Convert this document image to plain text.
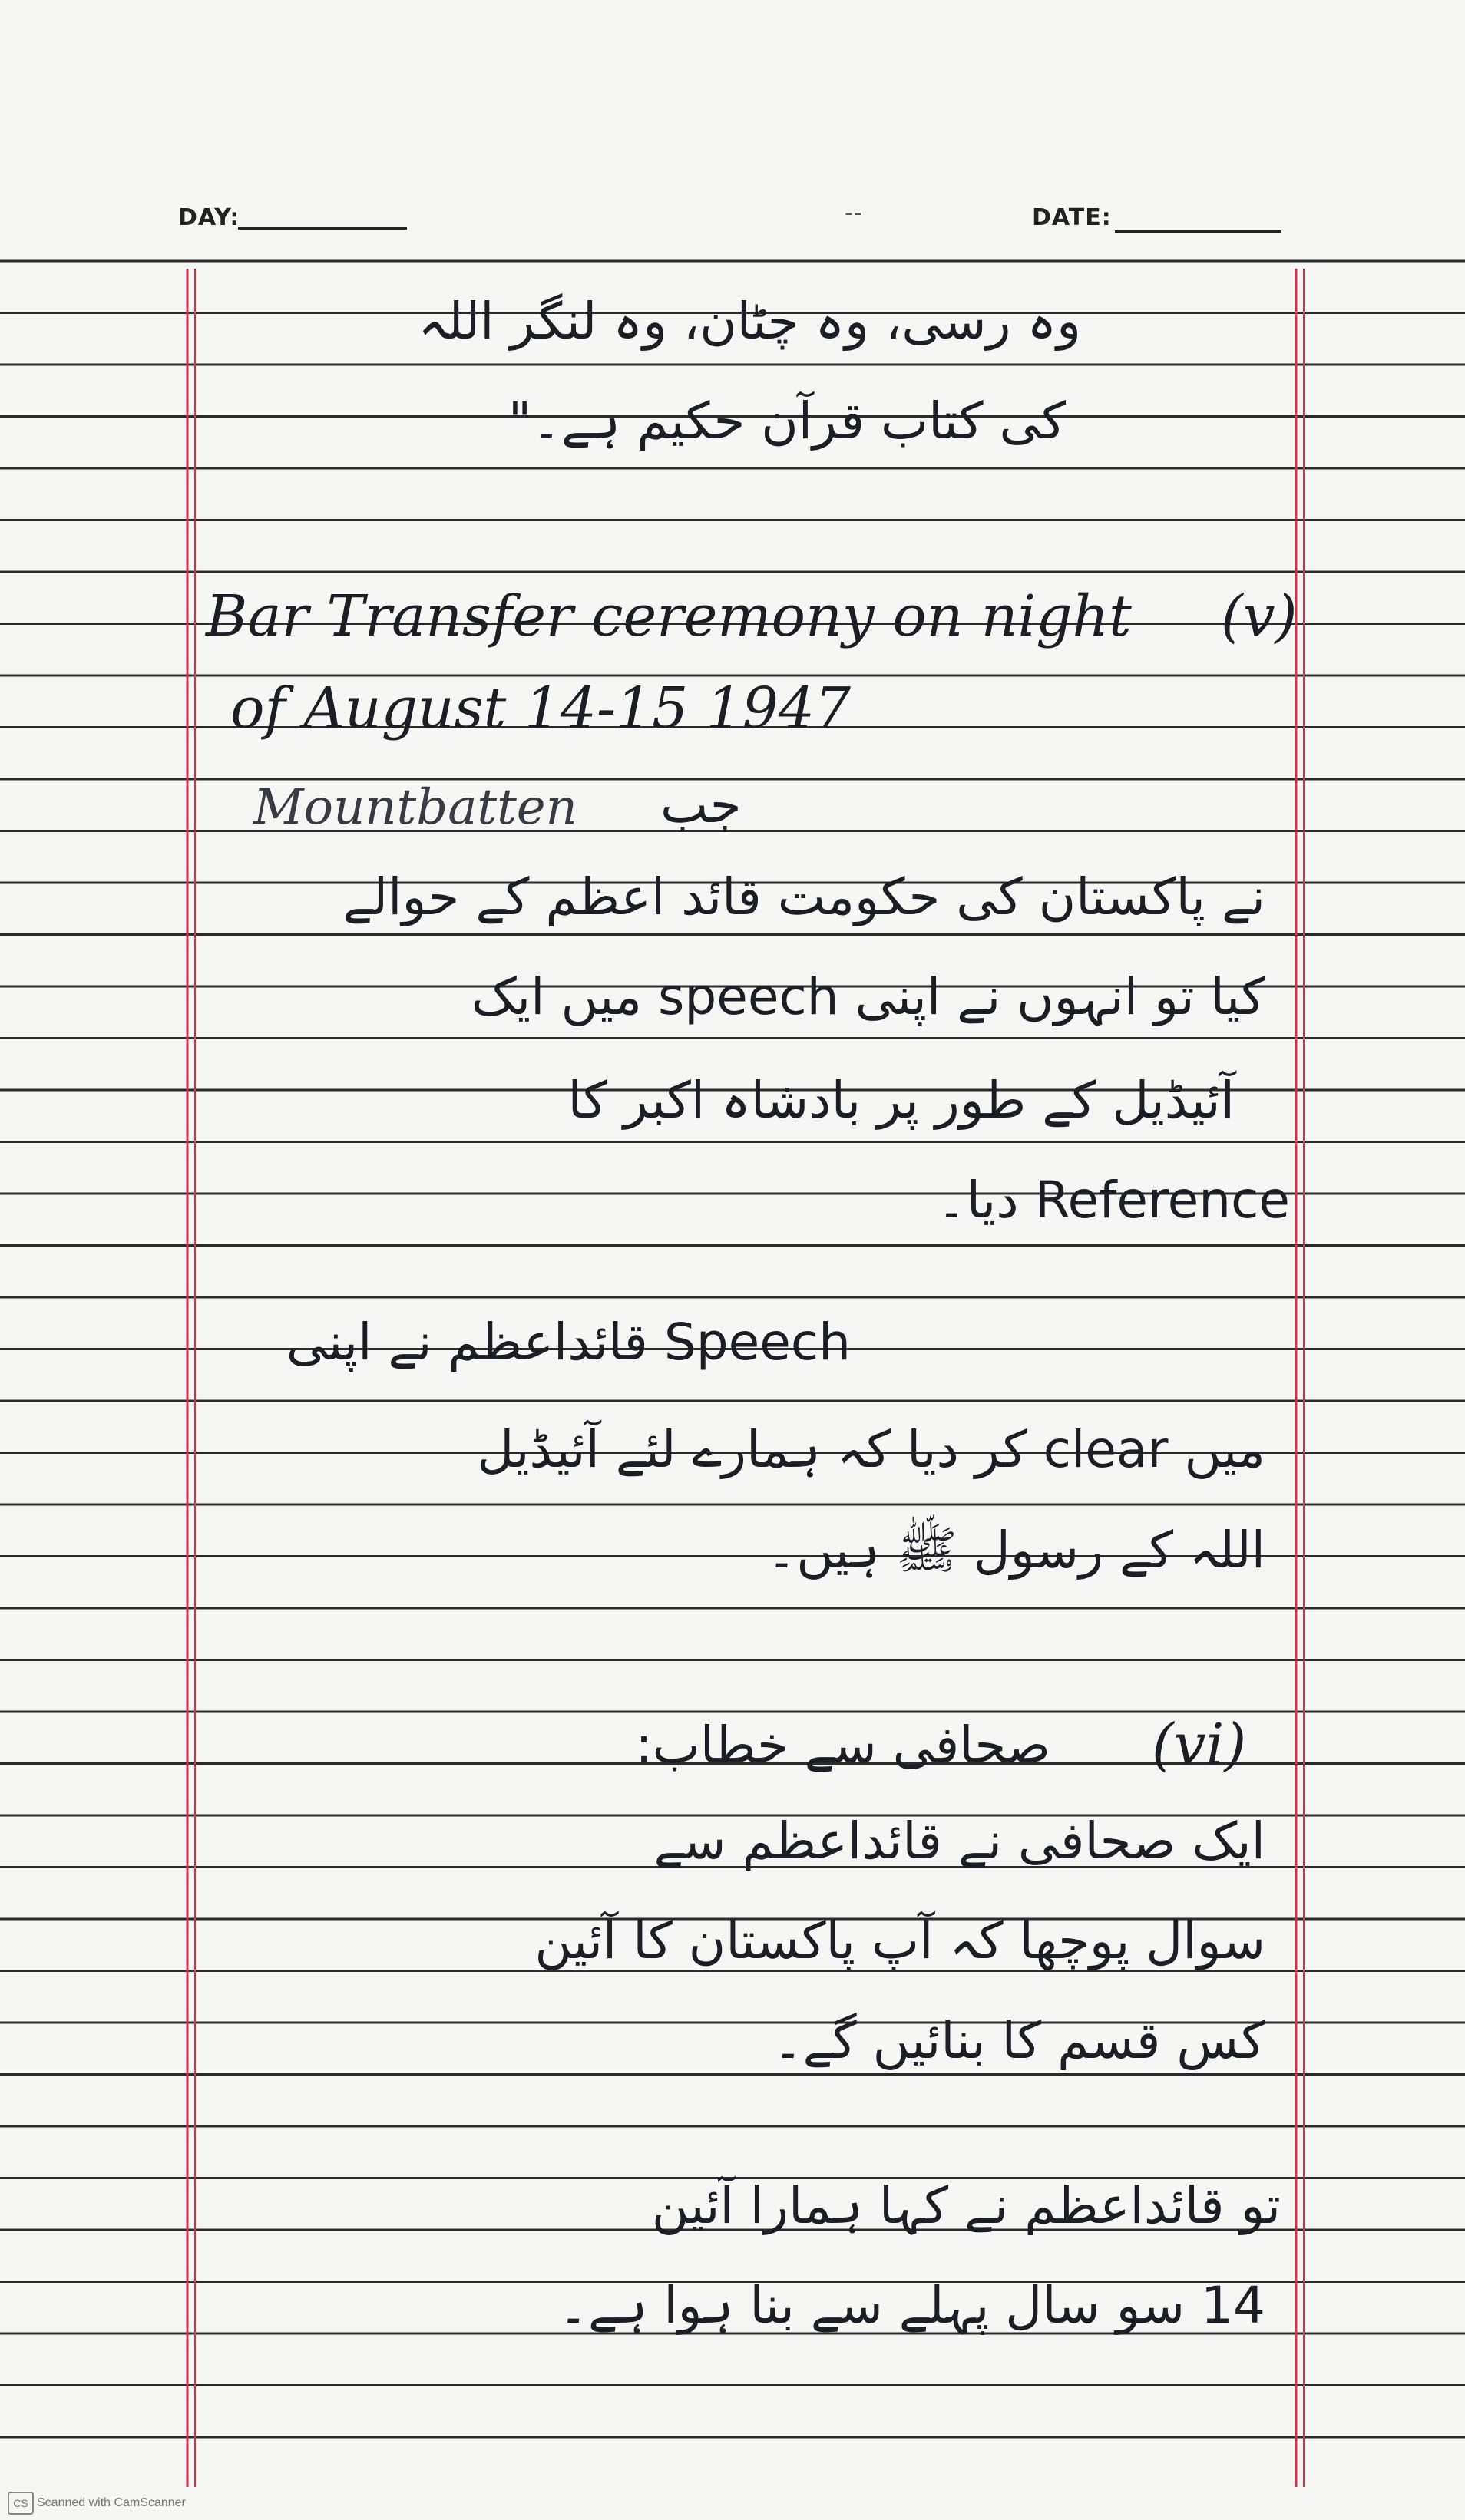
DAY:	--	DATE:
وہ رسی، وہ چٹان، وہ لنگر اللہ
کی کتاب قرآن حکیم ہے۔"
Bar Transfer ceremony on night (v)
of August 14-15 1947
Mountbatten جب
نے پاکستان کی حکومت قائد اعظم کے حوالے
کیا تو انہوں نے اپنی speech میں ایک
آئیڈیل کے طور پر بادشاہ اکبر کا
Reference دیا۔
Speech قائداعظم نے اپنی
میں clear کر دیا کہ ہمارے لئے آئیڈیل
اللہ کے رسول ﷺ ہیں۔
صحافی سے خطاب: (vi)
ایک صحافی نے قائداعظم سے
سوال پوچھا کہ آپ پاکستان کا آئین
کس قسم کا بنائیں گے۔
تو قائداعظم نے کہا ہمارا آئین
14 سو سال پہلے سے بنا ہوا ہے۔
CS Scanned with CamScanner
